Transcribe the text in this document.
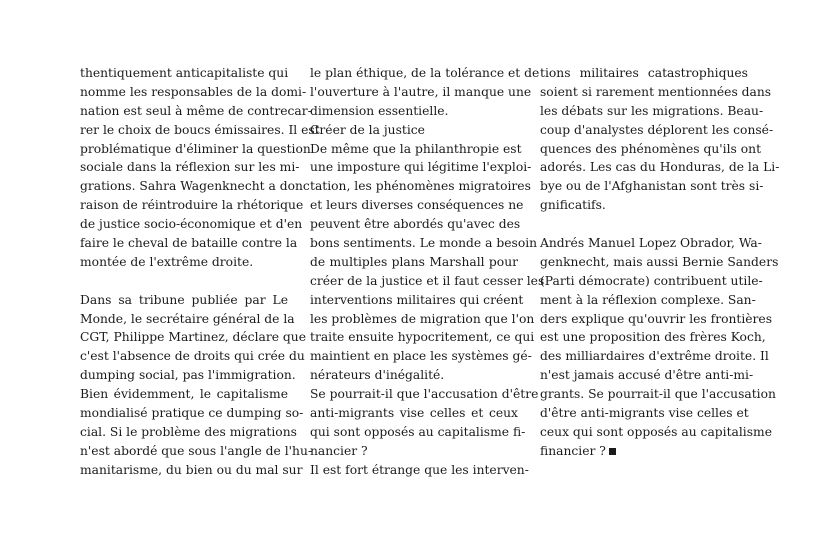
thentiquement anticapitaliste qui
nomme les responsables de la domi-
nation est seul à même de contrecar-
rer le choix de boucs émissaires. Il est
problématique d'éliminer la question
sociale dans la réflexion sur les mi-
grations. Sahra Wagenknecht a donc
raison de réintroduire la rhétorique
de justice socio-économique et d'en
faire le cheval de bataille contre la
montée de l'extrême droite.
Dans sa tribune publiée par Le
Monde, le secrétaire général de la
CGT, Philippe Martinez, déclare que
c'est l'absence de droits qui crée du
dumping social, pas l'immigration.
Bien évidemment, le capitalisme
mondialisé pratique ce dumping so-
cial. Si le problème des migrations
n'est abordé que sous l'angle de l'hu-
manitarisme, du bien ou du mal sur
le plan éthique, de la tolérance et de
l'ouverture à l'autre, il manque une
dimension essentielle.
Créer de la justice
De même que la philanthropie est
une imposture qui légitime l'exploi-
tation, les phénomènes migratoires
et leurs diverses conséquences ne
peuvent être abordés qu'avec des
bons sentiments. Le monde a besoin
de multiples plans Marshall pour
créer de la justice et il faut cesser les
interventions militaires qui créent
les problèmes de migration que l'on
traite ensuite hypocritement, ce qui
maintient en place les systèmes gé-
nérateurs d'inégalité.
Se pourrait-il que l'accusation d'être
anti-migrants vise celles et ceux
qui sont opposés au capitalisme fi-
nancier ?
Il est fort étrange que les interven-
tions militaires catastrophiques
soient si rarement mentionnées dans
les débats sur les migrations. Beau-
coup d'analystes déplorent les consé-
quences des phénomènes qu'ils ont
adorés. Les cas du Honduras, de la Li-
bye ou de l'Afghanistan sont très si-
gnificatifs.
Andrés Manuel Lopez Obrador, Wa-
genknecht, mais aussi Bernie Sanders
(Parti démocrate) contribuent utile-
ment à la réflexion complexe. San-
ders explique qu'ouvrir les frontières
est une proposition des frères Koch,
des milliardaires d'extrême droite. Il
n'est jamais accusé d'être anti-mi-
grants. Se pourrait-il que l'accusation
d'être anti-migrants vise celles et
ceux qui sont opposés au capitalisme
financier ?
